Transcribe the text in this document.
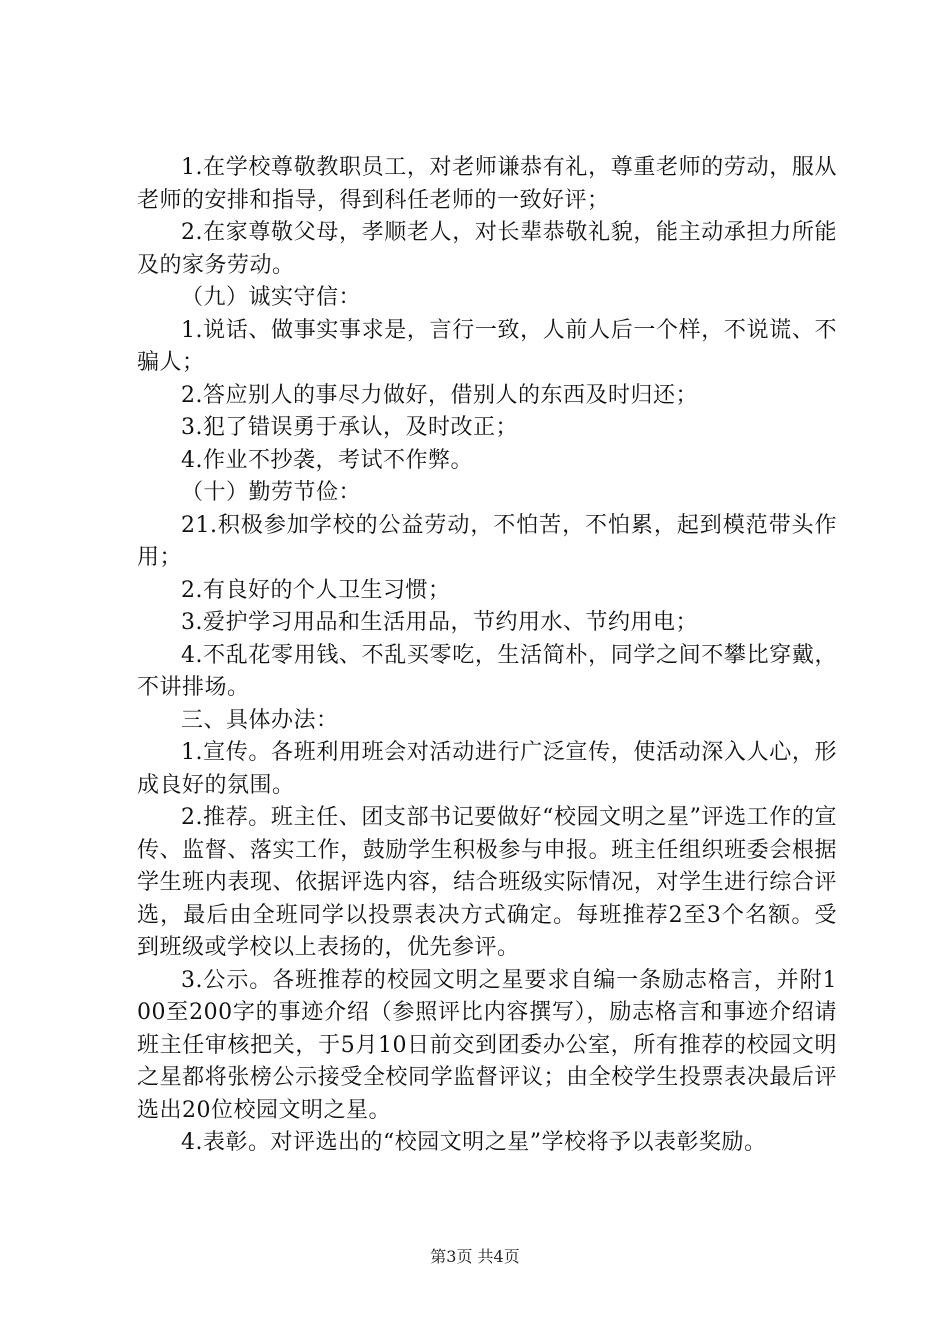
1.在学校尊敬教职员工，对老师谦恭有礼，尊重老师的劳动，服从老师的安排和指导，得到科任老师的一致好评；

2.在家尊敬父母，孝顺老人，对长辈恭敬礼貌，能主动承担力所能及的家务劳动。

（九）诚实守信：

1.说话、做事实事求是，言行一致，人前人后一个样，不说谎、不骗人；

2.答应别人的事尽力做好，借别人的东西及时归还；

3.犯了错误勇于承认，及时改正；

4.作业不抄袭，考试不作弊。

（十）勤劳节俭：

21.积极参加学校的公益劳动，不怕苦，不怕累，起到模范带头作用；

2.有良好的个人卫生习惯；

3.爱护学习用品和生活用品，节约用水、节约用电；

4.不乱花零用钱、不乱买零吃，生活简朴，同学之间不攀比穿戴，不讲排场。

三、具体办法：

1.宣传。各班利用班会对活动进行广泛宣传，使活动深入人心，形成良好的氛围。

2.推荐。班主任、团支部书记要做好“校园文明之星”评选工作的宣传、监督、落实工作，鼓励学生积极参与申报。班主任组织班委会根据学生班内表现、依据评选内容，结合班级实际情况，对学生进行综合评选，最后由全班同学以投票表决方式确定。每班推荐2至3个名额。受到班级或学校以上表扬的，优先参评。

3.公示。各班推荐的校园文明之星要求自编一条励志格言，并附100至200字的事迹介绍（参照评比内容撰写），励志格言和事迹介绍请班主任审核把关，于5月10日前交到团委办公室，所有推荐的校园文明之星都将张榜公示接受全校同学监督评议；由全校学生投票表决最后评选出20位校园文明之星。

4.表彰。对评选出的“校园文明之星”学校将予以表彰奖励。

第3页 共4页
